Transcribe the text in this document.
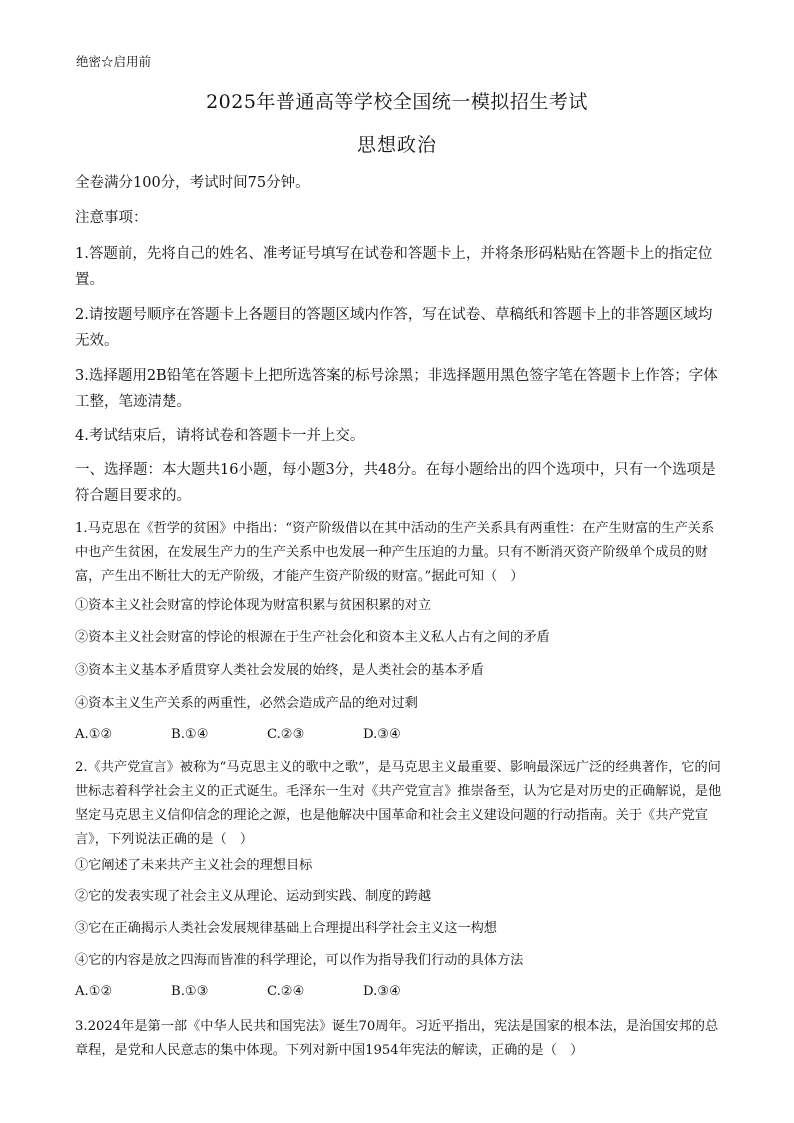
绝密☆启用前
2025年普通高等学校全国统一模拟招生考试
思想政治
全卷满分100分，考试时间75分钟。
注意事项：
1.答题前，先将自己的姓名、准考证号填写在试卷和答题卡上，并将条形码粘贴在答题卡上的指定位置。
2.请按题号顺序在答题卡上各题目的答题区域内作答，写在试卷、草稿纸和答题卡上的非答题区域均无效。
3.选择题用2B铅笔在答题卡上把所选答案的标号涂黑；非选择题用黑色签字笔在答题卡上作答；字体工整，笔迹清楚。
4.考试结束后，请将试卷和答题卡一并上交。
一、选择题：本大题共16小题，每小题3分，共48分。在每小题给出的四个选项中，只有一个选项是符合题目要求的。
1.马克思在《哲学的贫困》中指出：“资产阶级借以在其中活动的生产关系具有两重性：在产生财富的生产关系中也产生贫困，在发展生产力的生产关系中也发展一种产生压迫的力量。只有不断消灭资产阶级单个成员的财富，产生出不断壮大的无产阶级，才能产生资产阶级的财富。”据此可知（　）
①资本主义社会财富的悖论体现为财富积累与贫困积累的对立
②资本主义社会财富的悖论的根源在于生产社会化和资本主义私人占有之间的矛盾
③资本主义基本矛盾贯穿人类社会发展的始终，是人类社会的基本矛盾
④资本主义生产关系的两重性，必然会造成产品的绝对过剩
A.①②	B.①④	C.②③	D.③④
2.《共产党宣言》被称为“马克思主义的歌中之歌”，是马克思主义最重要、影响最深远广泛的经典著作，它的问世标志着科学社会主义的正式诞生。毛泽东一生对《共产党宣言》推崇备至，认为它是对历史的正确解说，是他坚定马克思主义信仰信念的理论之源，也是他解决中国革命和社会主义建设问题的行动指南。关于《共产党宣言》，下列说法正确的是（　）
①它阐述了未来共产主义社会的理想目标
②它的发表实现了社会主义从理论、运动到实践、制度的跨越
③它在正确揭示人类社会发展规律基础上合理提出科学社会主义这一构想
④它的内容是放之四海而皆准的科学理论，可以作为指导我们行动的具体方法
A.①②	B.①③	C.②④	D.③④
3.2024年是第一部《中华人民共和国宪法》诞生70周年。习近平指出，宪法是国家的根本法，是治国安邦的总章程，是党和人民意志的集中体现。下列对新中国1954年宪法的解读，正确的是（　）
